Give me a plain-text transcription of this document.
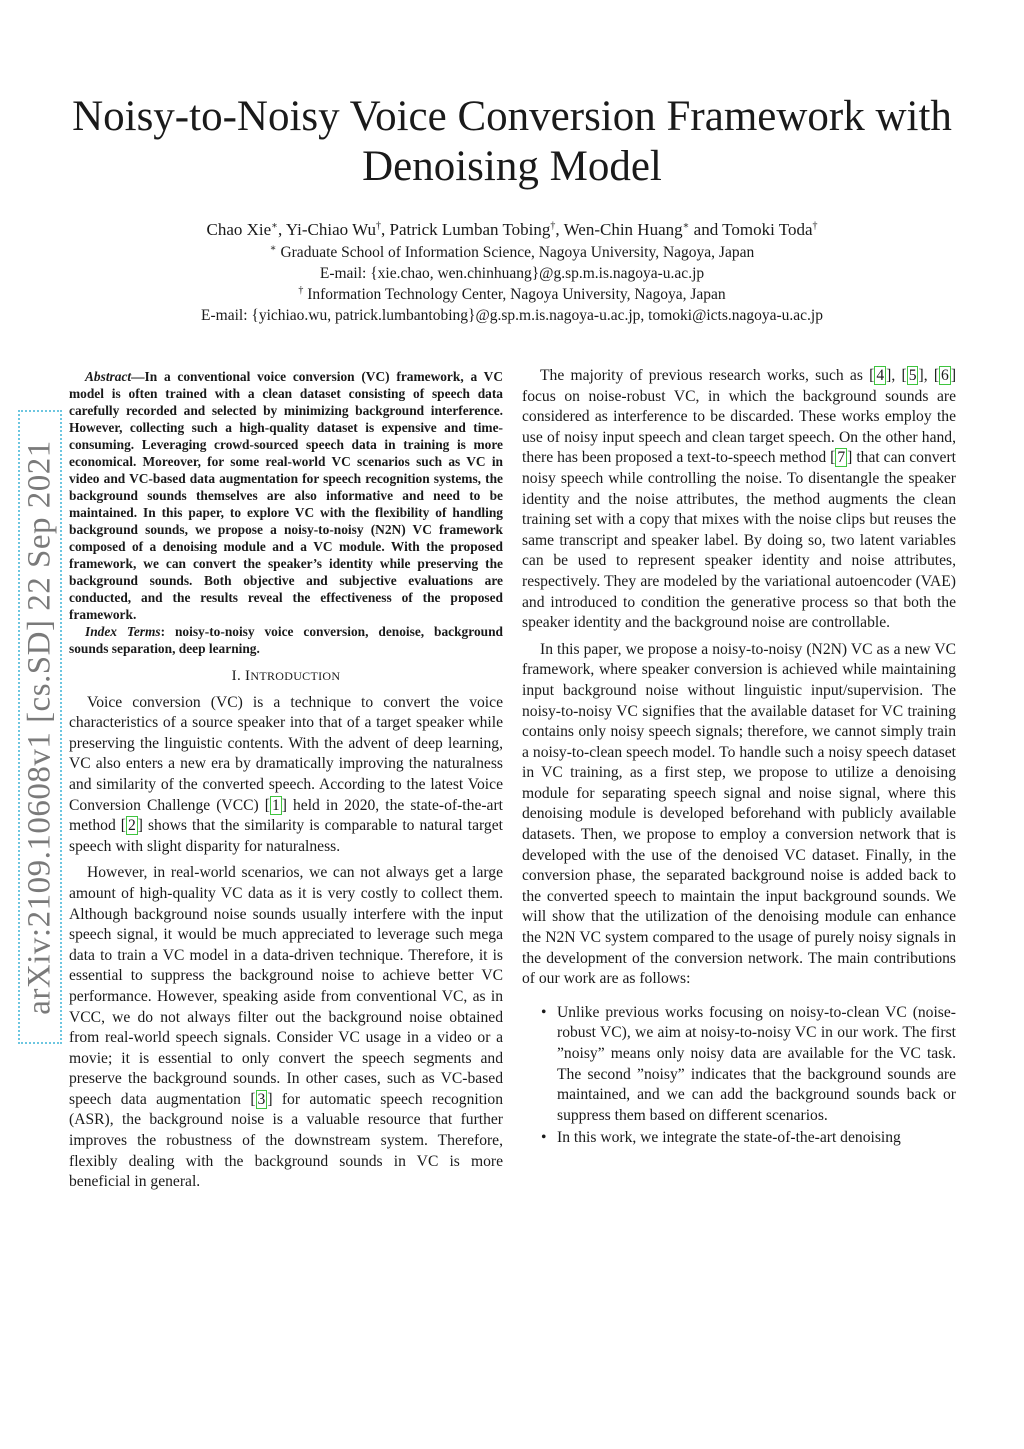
Noisy-to-Noisy Voice Conversion Framework with
Denoising Model
Chao Xie∗, Yi-Chiao Wu†, Patrick Lumban Tobing†, Wen-Chin Huang∗ and Tomoki Toda†
∗ Graduate School of Information Science, Nagoya University, Nagoya, Japan
E-mail: {xie.chao, wen.chinhuang}@g.sp.m.is.nagoya-u.ac.jp
† Information Technology Center, Nagoya University, Nagoya, Japan
E-mail: {yichiao.wu, patrick.lumbantobing}@g.sp.m.is.nagoya-u.ac.jp, tomoki@icts.nagoya-u.ac.jp
arXiv:2109.10608v1 [cs.SD] 22 Sep 2021

Abstract—In a conventional voice conversion (VC) framework, a VC model is often trained with a clean dataset consisting of speech data carefully recorded and selected by minimizing background interference. However, collecting such a high-quality dataset is expensive and time-consuming. Leveraging crowd-sourced speech data in training is more economical. Moreover, for some real-world VC scenarios such as VC in video and VC-based data augmentation for speech recognition systems, the background sounds themselves are also informative and need to be maintained. In this paper, to explore VC with the flexibility of handling background sounds, we propose a noisy-to-noisy (N2N) VC framework composed of a denoising module and a VC module. With the proposed framework, we can convert the speaker’s identity while preserving the background sounds. Both objective and subjective evaluations are conducted, and the results reveal the effectiveness of the proposed framework.

Index Terms: noisy-to-noisy voice conversion, denoise, background sounds separation, deep learning.

I. INTRODUCTION

Voice conversion (VC) is a technique to convert the voice characteristics of a source speaker into that of a target speaker while preserving the linguistic contents. With the advent of deep learning, VC also enters a new era by dramatically improving the naturalness and similarity of the converted speech. According to the latest Voice Conversion Challenge (VCC) [ 1 ] held in 2020, the state-of-the-art method [ 2 ] shows that the similarity is comparable to natural target speech with slight disparity for naturalness.

However, in real-world scenarios, we can not always get a large amount of high-quality VC data as it is very costly to collect them. Although background noise sounds usually interfere with the input speech signal, it would be much appreciated to leverage such mega data to train a VC model in a data-driven technique. Therefore, it is essential to suppress the background noise to achieve better VC performance. However, speaking aside from conventional VC, as in VCC, we do not always filter out the background noise obtained from real-world speech signals. Consider VC usage in a video or a movie; it is essential to only convert the speech segments and preserve the background sounds. In other cases, such as VC-based speech data augmentation [ 3 ] for automatic speech recognition (ASR), the background noise is a valuable resource that further improves the robustness of the downstream system. Therefore, flexibly dealing with the background sounds in VC is more beneficial in general.

The majority of previous research works, such as [ 4 ], [ 5 ], [ 6 ] focus on noise-robust VC, in which the background sounds are considered as interference to be discarded. These works employ the use of noisy input speech and clean target speech. On the other hand, there has been proposed a text-to-speech method [ 7 ] that can convert noisy speech while controlling the noise. To disentangle the speaker identity and the noise attributes, the method augments the clean training set with a copy that mixes with the noise clips but reuses the same transcript and speaker label. By doing so, two latent variables can be used to represent speaker identity and noise attributes, respectively. They are modeled by the variational autoencoder (VAE) and introduced to condition the generative process so that both the speaker identity and the background noise are controllable.

In this paper, we propose a noisy-to-noisy (N2N) VC as a new VC framework, where speaker conversion is achieved while maintaining input background noise without linguistic input/supervision. The noisy-to-noisy VC signifies that the available dataset for VC training contains only noisy speech signals; therefore, we cannot simply train a noisy-to-clean speech model. To handle such a noisy speech dataset in VC training, as a first step, we propose to utilize a denoising module for separating speech signal and noise signal, where this denoising module is developed beforehand with publicly available datasets. Then, we propose to employ a conversion network that is developed with the use of the denoised VC dataset. Finally, in the conversion phase, the separated background noise is added back to the converted speech to maintain the input background sounds. We will show that the utilization of the denoising module can enhance the N2N VC system compared to the usage of purely noisy signals in the development of the conversion network. The main contributions of our work are as follows:

• Unlike previous works focusing on noisy-to-clean VC (noise-robust VC), we aim at noisy-to-noisy VC in our work. The first ”noisy” means only noisy data are available for the VC task. The second ”noisy” indicates that the background sounds are maintained, and we can add the background sounds back or suppress them based on different scenarios.
• In this work, we integrate the state-of-the-art denoising
